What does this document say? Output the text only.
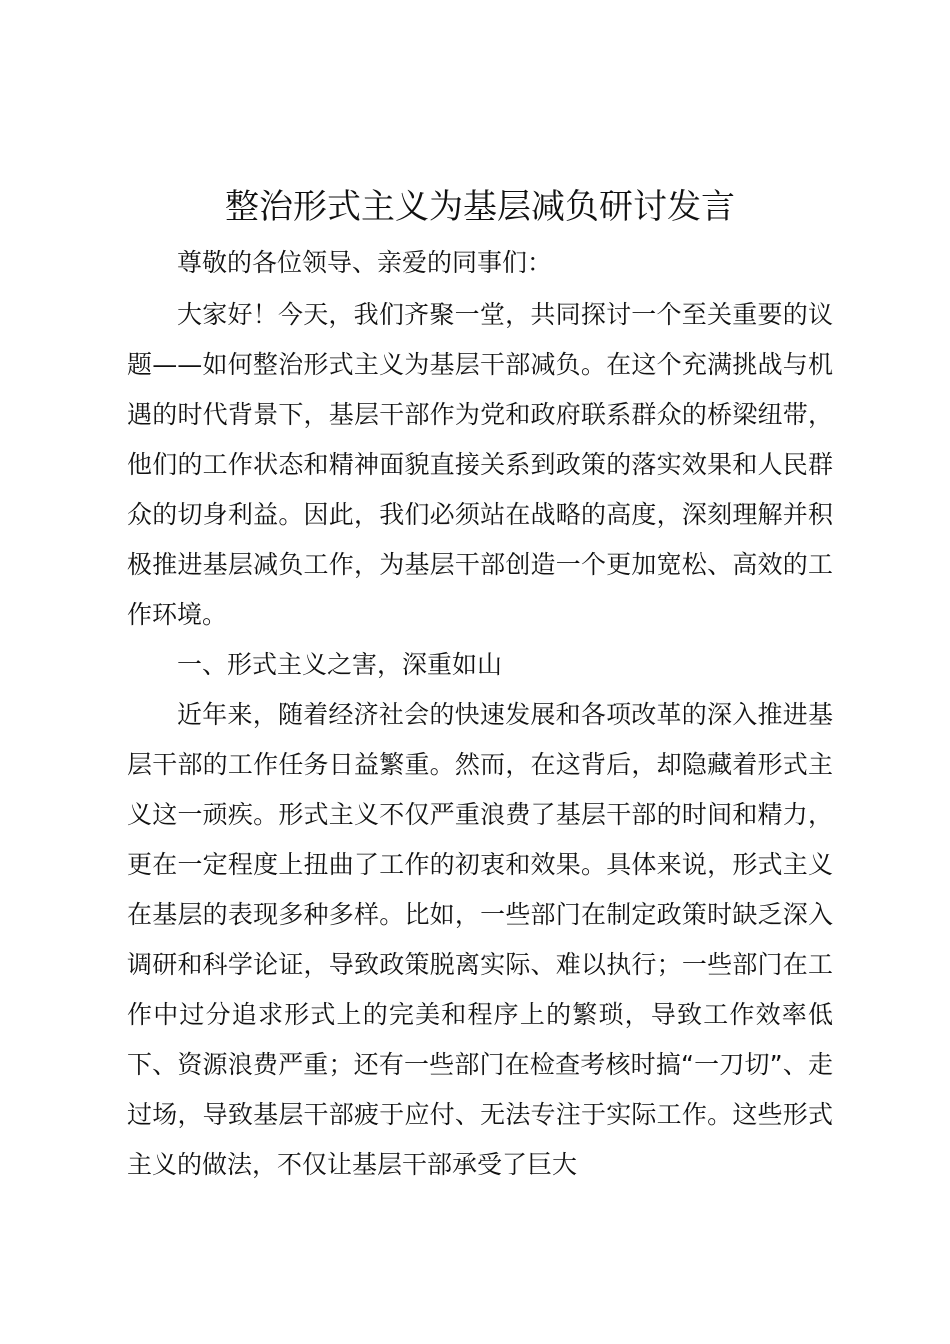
整治形式主义为基层减负研讨发言

尊敬的各位领导、亲爱的同事们：

大家好！今天，我们齐聚一堂，共同探讨一个至关重要的议题——如何整治形式主义为基层干部减负。在这个充满挑战与机遇的时代背景下，基层干部作为党和政府联系群众的桥梁纽带，他们的工作状态和精神面貌直接关系到政策的落实效果和人民群众的切身利益。因此，我们必须站在战略的高度，深刻理解并积极推进基层减负工作，为基层干部创造一个更加宽松、高效的工作环境。

一、形式主义之害，深重如山

近年来，随着经济社会的快速发展和各项改革的深入推进基层干部的工作任务日益繁重。然而，在这背后，却隐藏着形式主义这一顽疾。形式主义不仅严重浪费了基层干部的时间和精力，更在一定程度上扭曲了工作的初衷和效果。具体来说，形式主义在基层的表现多种多样。比如，一些部门在制定政策时缺乏深入调研和科学论证，导致政策脱离实际、难以执行；一些部门在工作中过分追求形式上的完美和程序上的繁琐，导致工作效率低下、资源浪费严重；还有一些部门在检查考核时搞“一刀切”、走过场，导致基层干部疲于应付、无法专注于实际工作。这些形式主义的做法，不仅让基层干部承受了巨大
